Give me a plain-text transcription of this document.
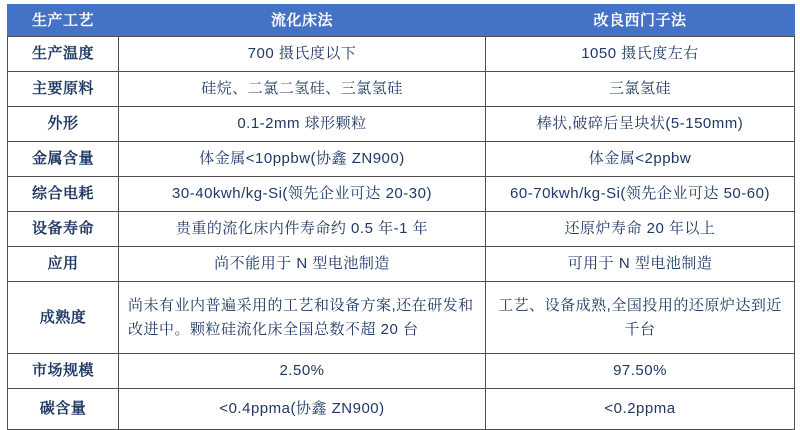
生产工艺	流化床法	改良西门子法
生产温度	700 摄氏度以下	1050 摄氏度左右
主要原料	硅烷、二氯二氢硅、三氯氢硅	三氯氢硅
外形	0.1-2mm 球形颗粒	棒状,破碎后呈块状(5-150mm)
金属含量	体金属<10ppbw(协鑫 ZN900)	体金属<2ppbw
综合电耗	30-40kwh/kg-Si(领先企业可达 20-30)	60-70kwh/kg-Si(领先企业可达 50-60)
设备寿命	贵重的流化床内件寿命约 0.5 年-1 年	还原炉寿命 20 年以上
应用	尚不能用于 N 型电池制造	可用于 N 型电池制造
成熟度	尚未有业内普遍采用的工艺和设备方案,还在研发和改进中。颗粒硅流化床全国总数不超 20 台	工艺、设备成熟,全国投用的还原炉达到近千台
市场规模	2.50%	97.50%
碳含量	<0.4ppma(协鑫 ZN900)	<0.2ppma
